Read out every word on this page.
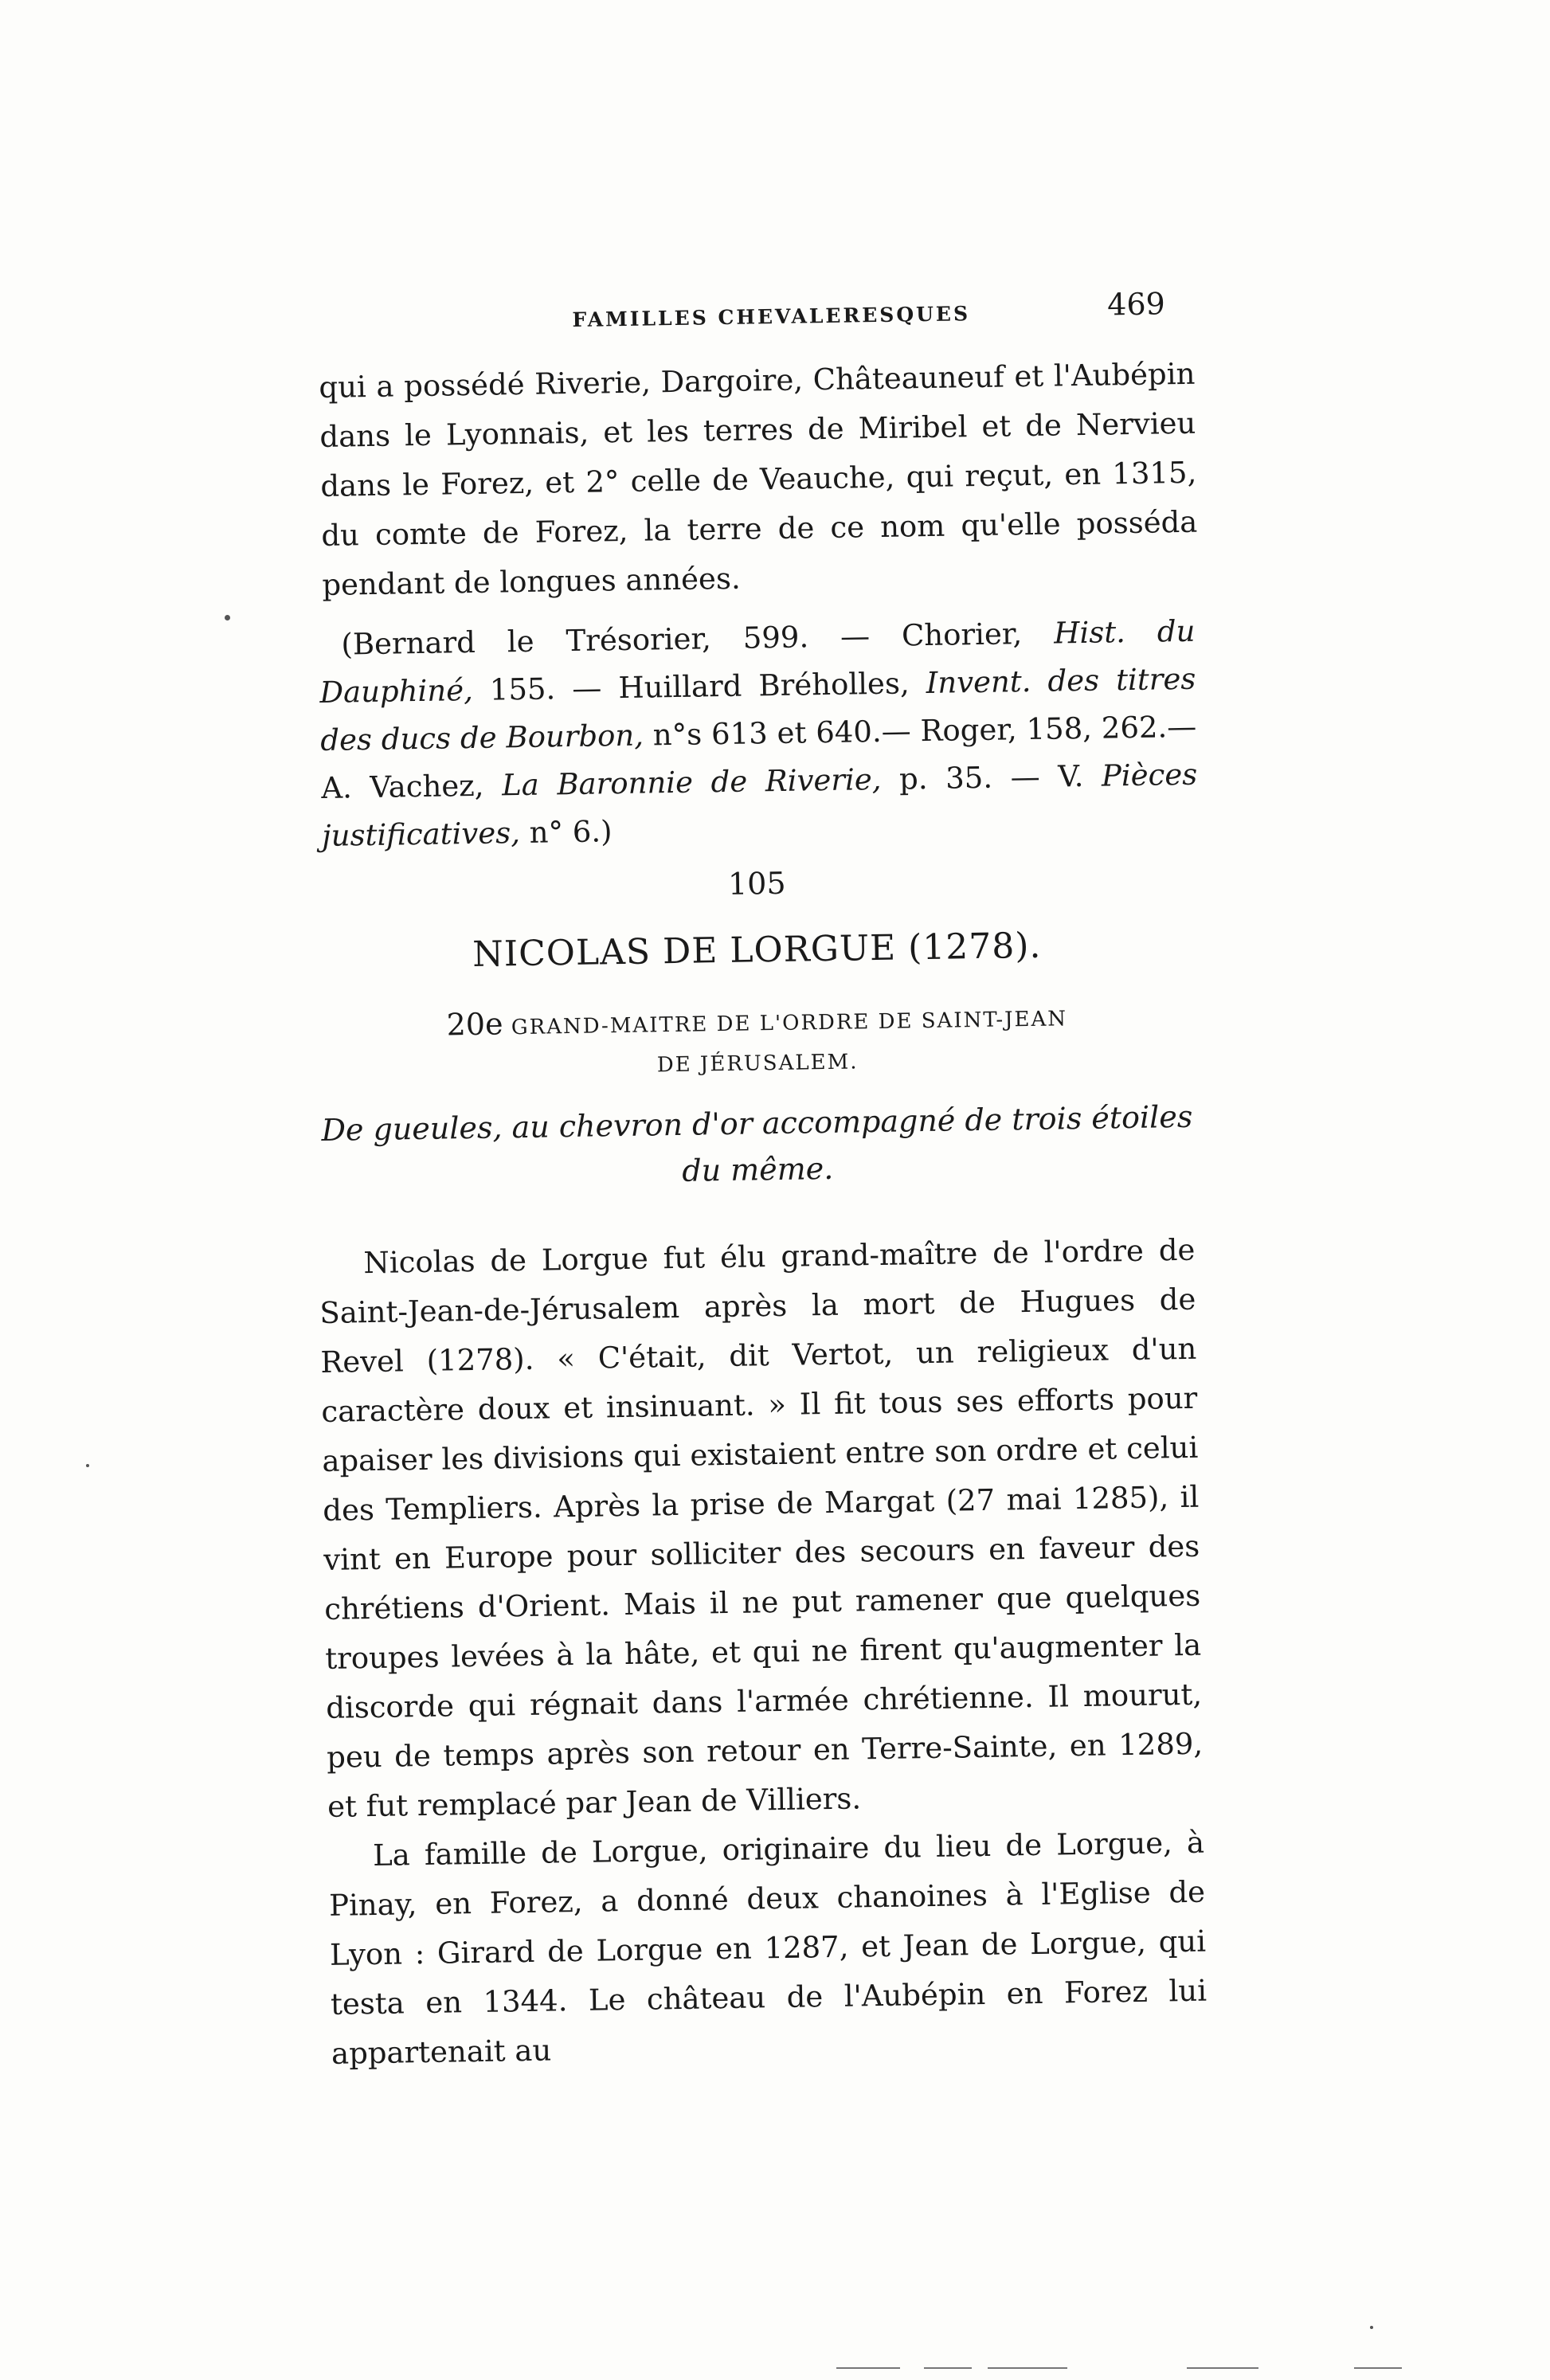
FAMILLES CHEVALERESQUES	469

qui a possédé Riverie, Dargoire, Châteauneuf et l'Aubépin dans le Lyonnais, et les terres de Miribel et de Nervieu dans le Forez, et 2° celle de Veauche, qui reçut, en 1315, du comte de Forez, la terre de ce nom qu'elle posséda pendant de longues années.

(Bernard le Trésorier, 599. — Chorier, Hist. du Dauphiné, 155. — Huillard Bréholles, Invent. des titres des ducs de Bourbon, n°s 613 et 640.— Roger, 158, 262.— A. Vachez, La Baronnie de Riverie, p. 35. — V. Pièces justificatives, n° 6.)

105
NICOLAS DE LORGUE (1278).
20e GRAND-MAITRE DE L'ORDRE DE SAINT-JEAN
DE JÉRUSALEM.
De gueules, au chevron d'or accompagné de trois étoiles
du même.

Nicolas de Lorgue fut élu grand-maître de l'ordre de Saint-Jean-de-Jérusalem après la mort de Hugues de Revel (1278). « C'était, dit Vertot, un religieux d'un caractère doux et insinuant. » Il fit tous ses efforts pour apaiser les divisions qui existaient entre son ordre et celui des Templiers. Après la prise de Margat (27 mai 1285), il vint en Europe pour solliciter des secours en faveur des chrétiens d'Orient. Mais il ne put ramener que quelques troupes levées à la hâte, et qui ne firent qu'augmenter la discorde qui régnait dans l'armée chrétienne. Il mourut, peu de temps après son retour en Terre-Sainte, en 1289, et fut remplacé par Jean de Villiers.

La famille de Lorgue, originaire du lieu de Lorgue, à Pinay, en Forez, a donné deux chanoines à l'Eglise de Lyon : Girard de Lorgue en 1287, et Jean de Lorgue, qui testa en 1344. Le château de l'Aubépin en Forez lui appartenait au
